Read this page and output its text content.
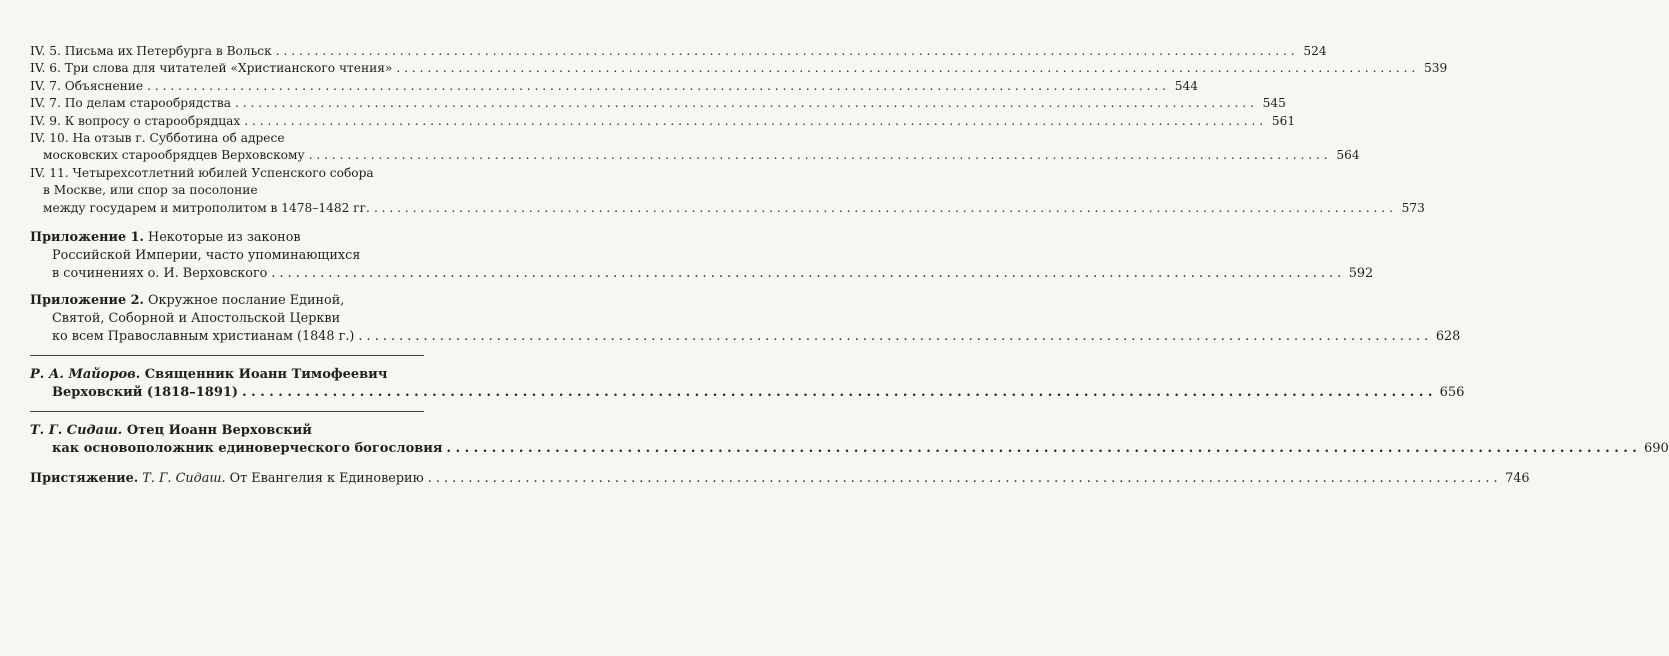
IV. 5. Письма их Петербурга в Вольск . . .	524
IV. 6. Три слова для читателей «Христианского чтения» . . .	539
IV. 7. Объяснение . . .	544
IV. 7. По делам старообрядства . . .	545
IV. 9. К вопросу о старообрядцах . . .	561
IV. 10. На отзыв г. Субботина об адресе
московских старообрядцев Верховскому . . .	564
IV. 11. Четырехсотлетний юбилей Успенского собора
в Москве, или спор за посолоние
между государем и митрополитом в 1478–1482 гг. . . .	573
Приложение 1. Некоторые из законов
Российской Империи, часто упоминающихся
в сочинениях о. И. Верховского . . .	592
Приложение 2. Окружное послание Единой,
Святой, Соборной и Апостольской Церкви
ко всем Православным христианам (1848 г.) . . .	628
Р. А. Майоров. Священник Иоанн Тимофеевич
Верховский (1818–1891) . . .	656
Т. Г. Сидаш. Отец Иоанн Верховский
как основоположник единоверческого богословия . . .	690
Пристяжение. Т. Г. Сидаш. От Евангелия к Единоверию . . .	746
